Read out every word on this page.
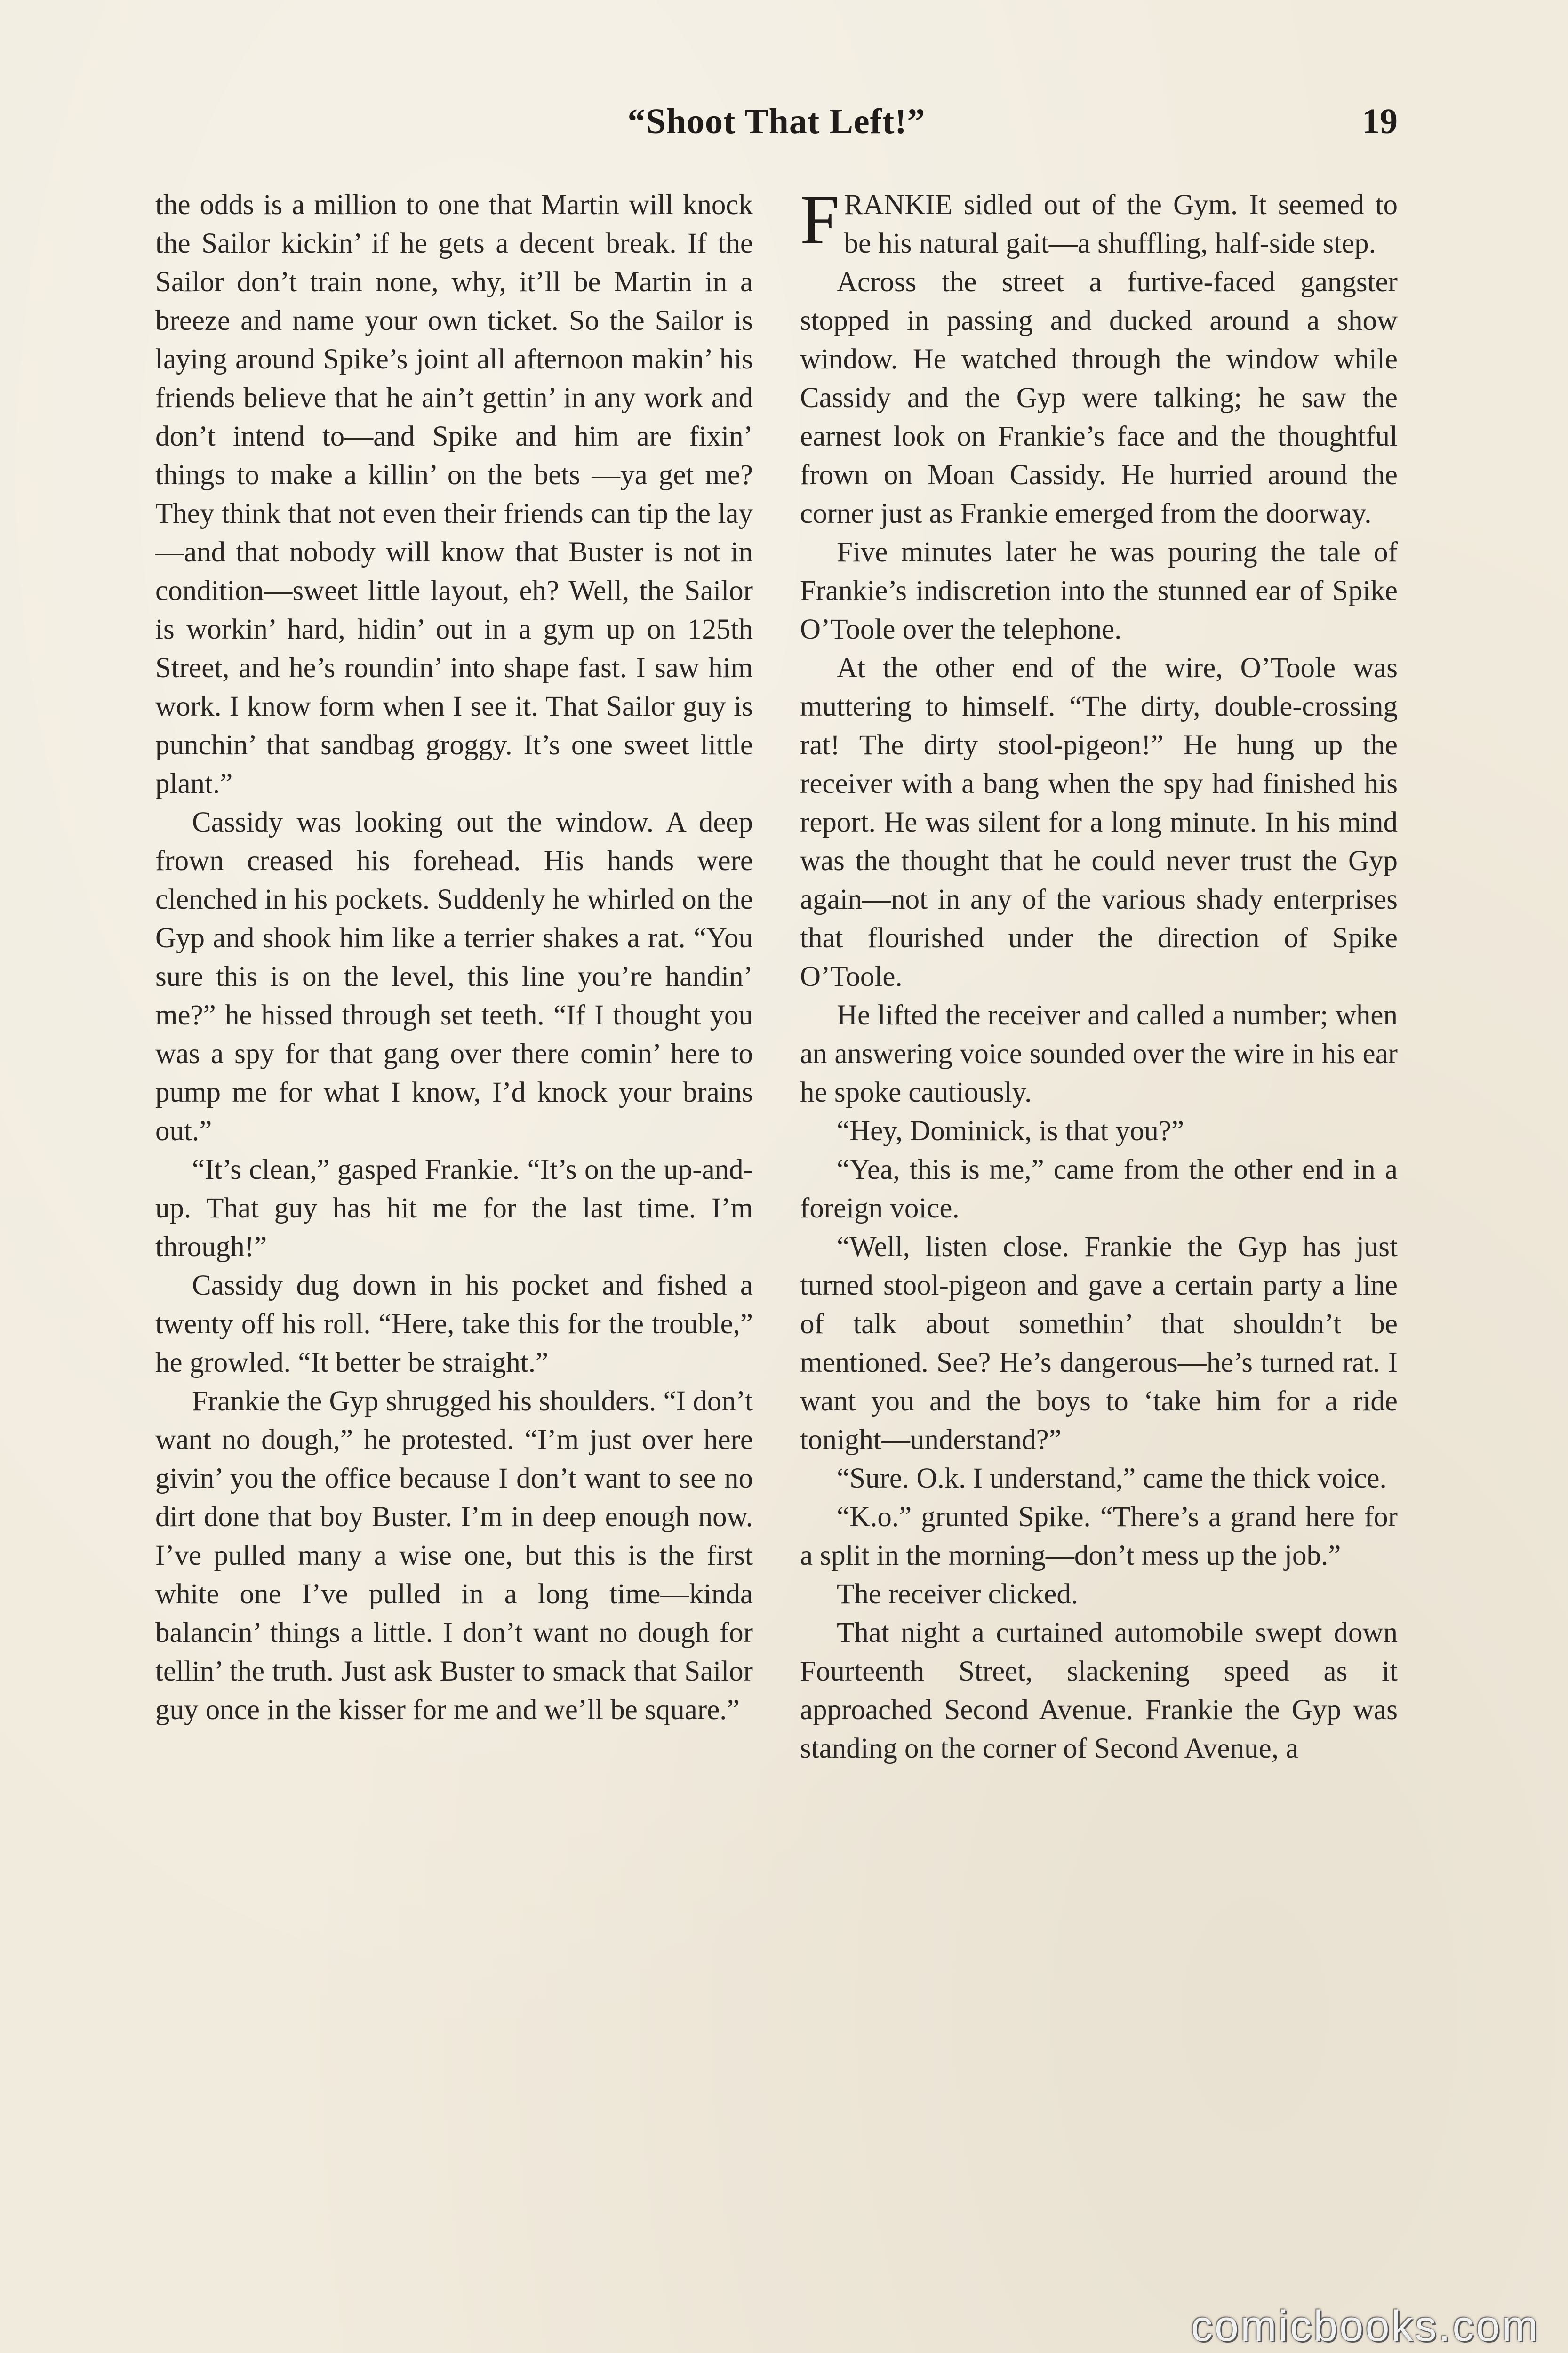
“Shoot That Left!”	19

the odds is a million to one that Martin will knock the Sailor kickin’ if he gets a decent break. If the Sailor don’t train none, why, it’ll be Martin in a breeze and name your own ticket. So the Sailor is laying around Spike’s joint all afternoon makin’ his friends believe that he ain’t gettin’ in any work and don’t intend to—and Spike and him are fixin’ things to make a killin’ on the bets —ya get me? They think that not even their friends can tip the lay—and that nobody will know that Buster is not in condition—sweet little layout, eh? Well, the Sailor is workin’ hard, hidin’ out in a gym up on 125th Street, and he’s roundin’ into shape fast. I saw him work. I know form when I see it. That Sailor guy is punchin’ that sandbag groggy. It’s one sweet little plant.”

Cassidy was looking out the window. A deep frown creased his forehead. His hands were clenched in his pockets. Suddenly he whirled on the Gyp and shook him like a terrier shakes a rat. “You sure this is on the level, this line you’re handin’ me?” he hissed through set teeth. “If I thought you was a spy for that gang over there comin’ here to pump me for what I know, I’d knock your brains out.”

“It’s clean,” gasped Frankie. “It’s on the up-and-up. That guy has hit me for the last time. I’m through!”

Cassidy dug down in his pocket and fished a twenty off his roll. “Here, take this for the trouble,” he growled. “It better be straight.”

Frankie the Gyp shrugged his shoulders. “I don’t want no dough,” he protested. “I’m just over here givin’ you the office because I don’t want to see no dirt done that boy Buster. I’m in deep enough now. I’ve pulled many a wise one, but this is the first white one I’ve pulled in a long time—kinda balancin’ things a little. I don’t want no dough for tellin’ the truth. Just ask Buster to smack that Sailor guy once in the kisser for me and we’ll be square.”

FRANKIE sidled out of the Gym. It seemed to be his natural gait—a shuffling, half-side step.

Across the street a furtive-faced gangster stopped in passing and ducked around a show window. He watched through the window while Cassidy and the Gyp were talking; he saw the earnest look on Frankie’s face and the thoughtful frown on Moan Cassidy. He hurried around the corner just as Frankie emerged from the doorway.

Five minutes later he was pouring the tale of Frankie’s indiscretion into the stunned ear of Spike O’Toole over the telephone.

At the other end of the wire, O’Toole was muttering to himself. “The dirty, double-crossing rat! The dirty stool-pigeon!” He hung up the receiver with a bang when the spy had finished his report. He was silent for a long minute. In his mind was the thought that he could never trust the Gyp again—not in any of the various shady enterprises that flourished under the direction of Spike O’Toole.

He lifted the receiver and called a number; when an answering voice sounded over the wire in his ear he spoke cautiously.

“Hey, Dominick, is that you?”

“Yea, this is me,” came from the other end in a foreign voice.

“Well, listen close. Frankie the Gyp has just turned stool-pigeon and gave a certain party a line of talk about somethin’ that shouldn’t be mentioned. See? He’s dangerous—he’s turned rat. I want you and the boys to ‘take him for a ride tonight—understand?”

“Sure. O.k. I understand,” came the thick voice.

“K.o.” grunted Spike. “There’s a grand here for a split in the morning—don’t mess up the job.”

The receiver clicked.

That night a curtained automobile swept down Fourteenth Street, slackening speed as it approached Second Avenue. Frankie the Gyp was standing on the corner of Second Avenue, a

comicbooks.com
